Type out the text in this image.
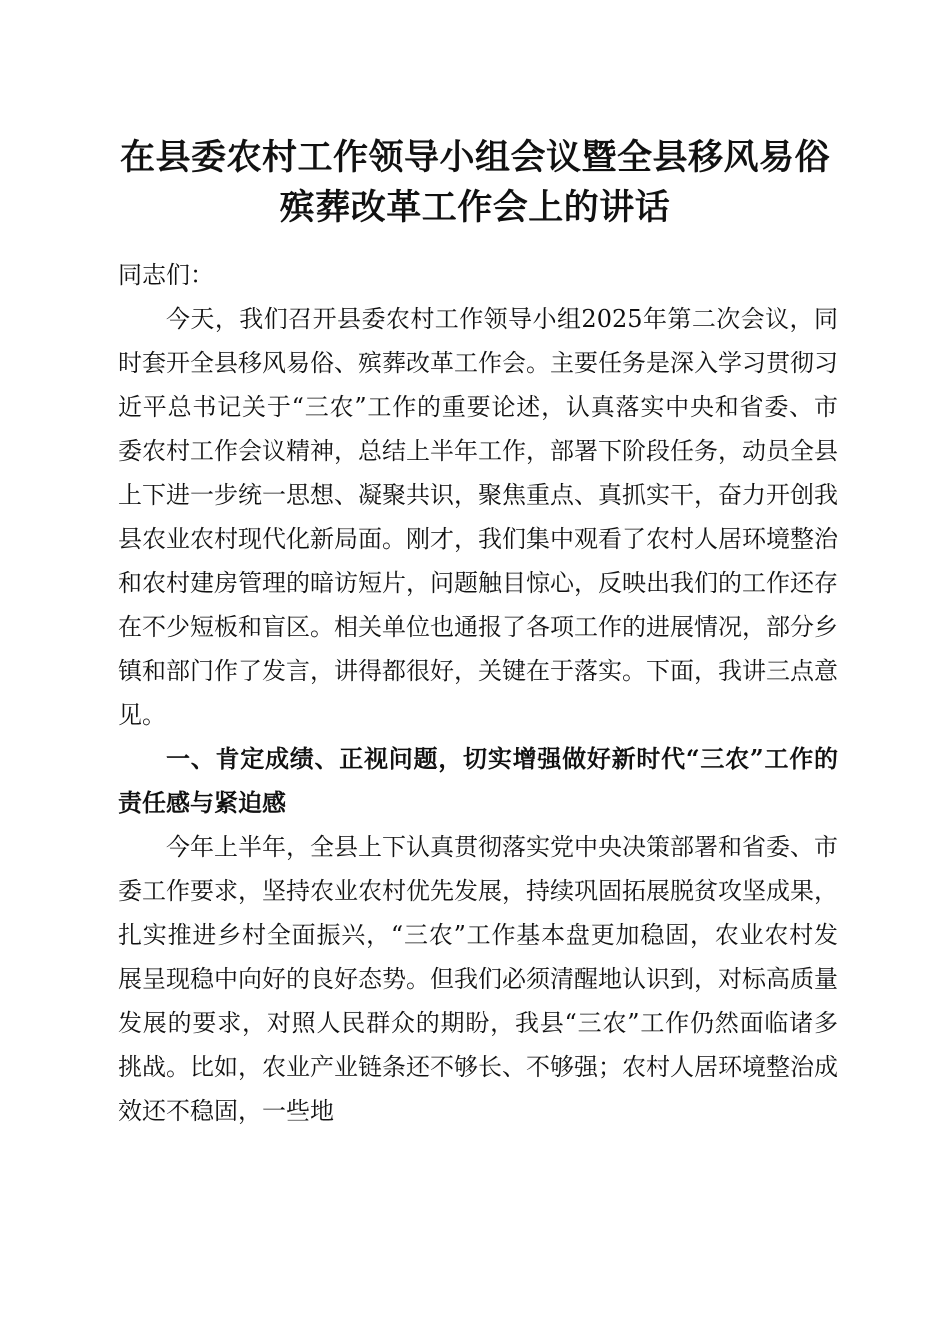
在县委农村工作领导小组会议暨全县移风易俗
殡葬改革工作会上的讲话

同志们：

今天，我们召开县委农村工作领导小组2025年第二次会议，同时套开全县移风易俗、殡葬改革工作会。主要任务是深入学习贯彻习近平总书记关于“三农”工作的重要论述，认真落实中央和省委、市委农村工作会议精神，总结上半年工作，部署下阶段任务，动员全县上下进一步统一思想、凝聚共识，聚焦重点、真抓实干，奋力开创我县农业农村现代化新局面。刚才，我们集中观看了农村人居环境整治和农村建房管理的暗访短片，问题触目惊心，反映出我们的工作还存在不少短板和盲区。相关单位也通报了各项工作的进展情况，部分乡镇和部门作了发言，讲得都很好，关键在于落实。下面，我讲三点意见。

一、肯定成绩、正视问题，切实增强做好新时代“三农”工作的责任感与紧迫感

今年上半年，全县上下认真贯彻落实党中央决策部署和省委、市委工作要求，坚持农业农村优先发展，持续巩固拓展脱贫攻坚成果，扎实推进乡村全面振兴，“三农”工作基本盘更加稳固，农业农村发展呈现稳中向好的良好态势。但我们必须清醒地认识到，对标高质量发展的要求，对照人民群众的期盼，我县“三农”工作仍然面临诸多挑战。比如，农业产业链条还不够长、不够强；农村人居环境整治成效还不稳固，一些地
